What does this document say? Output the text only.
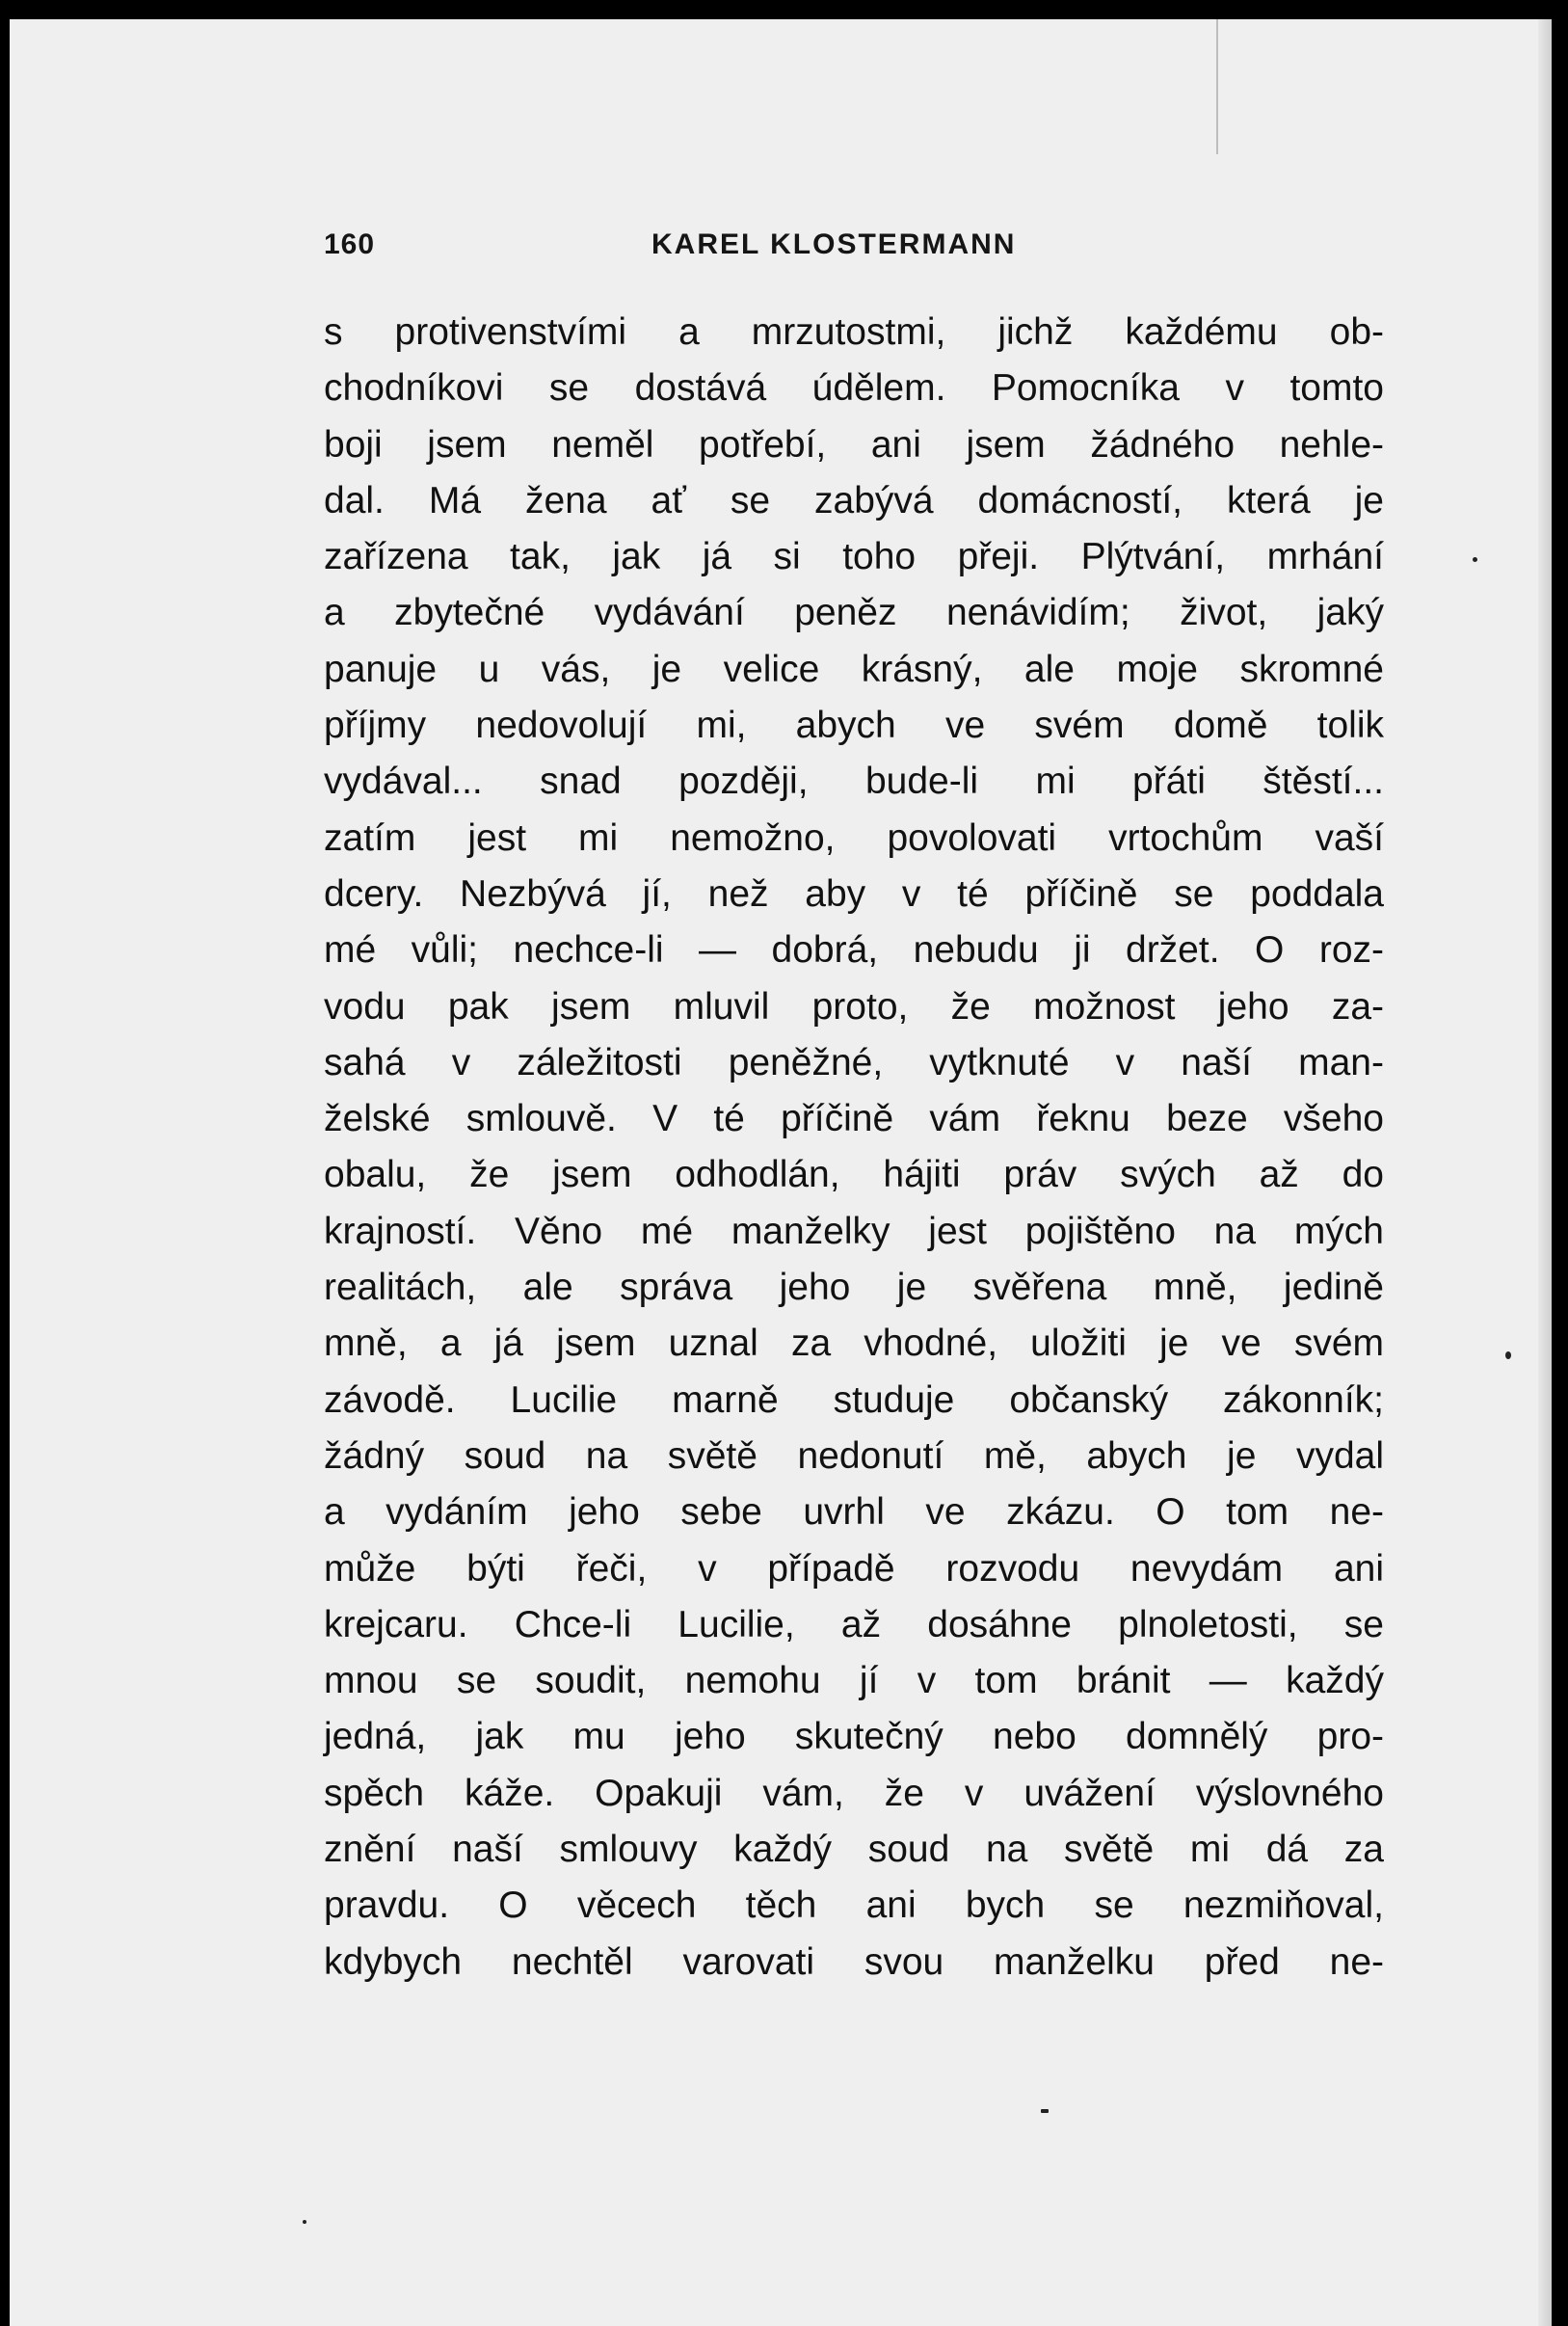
160	KAREL KLOSTERMANN
s protivenstvími a mrzutostmi, jichž každému ob-
chodníkovi se dostává údělem. Pomocníka v tomto
boji jsem neměl potřebí, ani jsem žádného nehle-
dal. Má žena ať se zabývá domácností, která je
zařízena tak, jak já si toho přeji. Plýtvání, mrhání
a zbytečné vydávání peněz nenávidím; život, jaký
panuje u vás, je velice krásný, ale moje skromné
příjmy nedovolují mi, abych ve svém domě tolik
vydával... snad později, bude-li mi přáti štěstí...
zatím jest mi nemožno, povolovati vrtochům vaší
dcery. Nezbývá jí, než aby v té příčině se poddala
mé vůli; nechce-li — dobrá, nebudu ji držet. O roz-
vodu pak jsem mluvil proto, že možnost jeho za-
sahá v záležitosti peněžné, vytknuté v naší man-
želské smlouvě. V té příčině vám řeknu beze všeho
obalu, že jsem odhodlán, hájiti práv svých až do
krajností. Věno mé manželky jest pojištěno na mých
realitách, ale správa jeho je svěřena mně, jedině
mně, a já jsem uznal za vhodné, uložiti je ve svém
závodě. Lucilie marně studuje občanský zákonník;
žádný soud na světě nedonutí mě, abych je vydal
a vydáním jeho sebe uvrhl ve zkázu. O tom ne-
může býti řeči, v případě rozvodu nevydám ani
krejcaru. Chce-li Lucilie, až dosáhne plnoletosti, se
mnou se soudit, nemohu jí v tom bránit — každý
jedná, jak mu jeho skutečný nebo domnělý pro-
spěch káže. Opakuji vám, že v uvážení výslovného
znění naší smlouvy každý soud na světě mi dá za
pravdu. O věcech těch ani bych se nezmiňoval,
kdybych nechtěl varovati svou manželku před ne-
